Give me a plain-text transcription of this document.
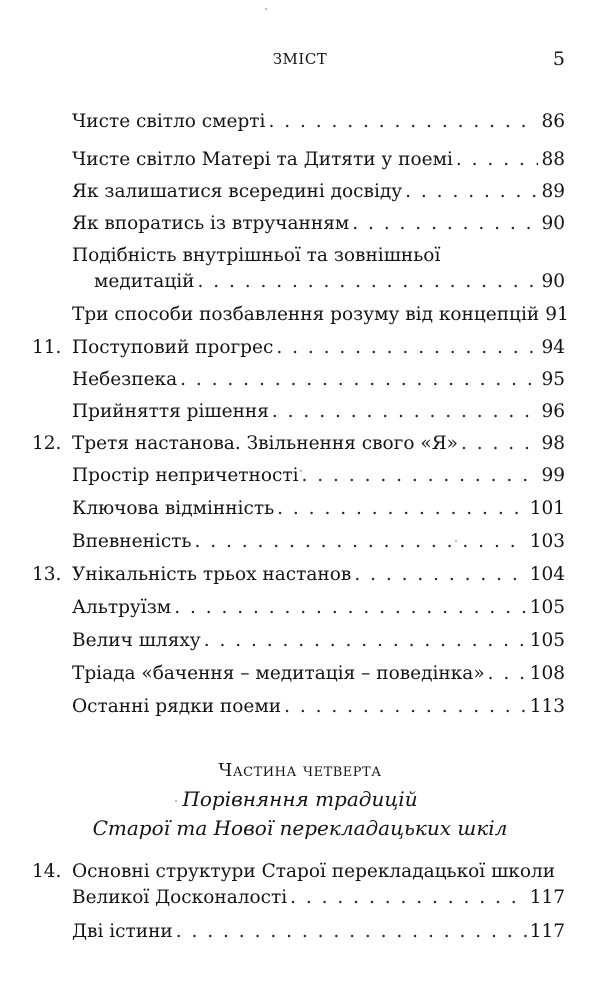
ЗМІСТ	5
Чисте світло смерті . . .	86
Чисте світло Матері та Дитяти у поемі . . .	88
Як залишатися всередині досвіду . . .	89
Як впоратись із втручанням . . .	90
Подібність внутрішньої та зовнішньої
медитацій . . .	90
Три способи позбавлення розуму від концепцій 91
11. Поступовий прогрес . . .	94
Небезпека . . .	95
Прийняття рішення . . .	96
12. Третя настанова. Звільнення свого «Я» . . .	98
Простір непричетності . . .	99
Ключова відмінність . . .	101
Впевненість . . .	103
13. Унікальність трьох настанов . . .	104
Альтруїзм . . .	105
Велич шляху . . .	105
Тріада «бачення – медитація – поведінка» . . . 108
Останні рядки поеми . . .	113
Частина четверта
Порівняння традицій
Старої та Нової перекладацьких шкіл
14. Основні структури Старої перекладацької школи
Великої Досконалості . . .	117
Дві істини . . .	117
